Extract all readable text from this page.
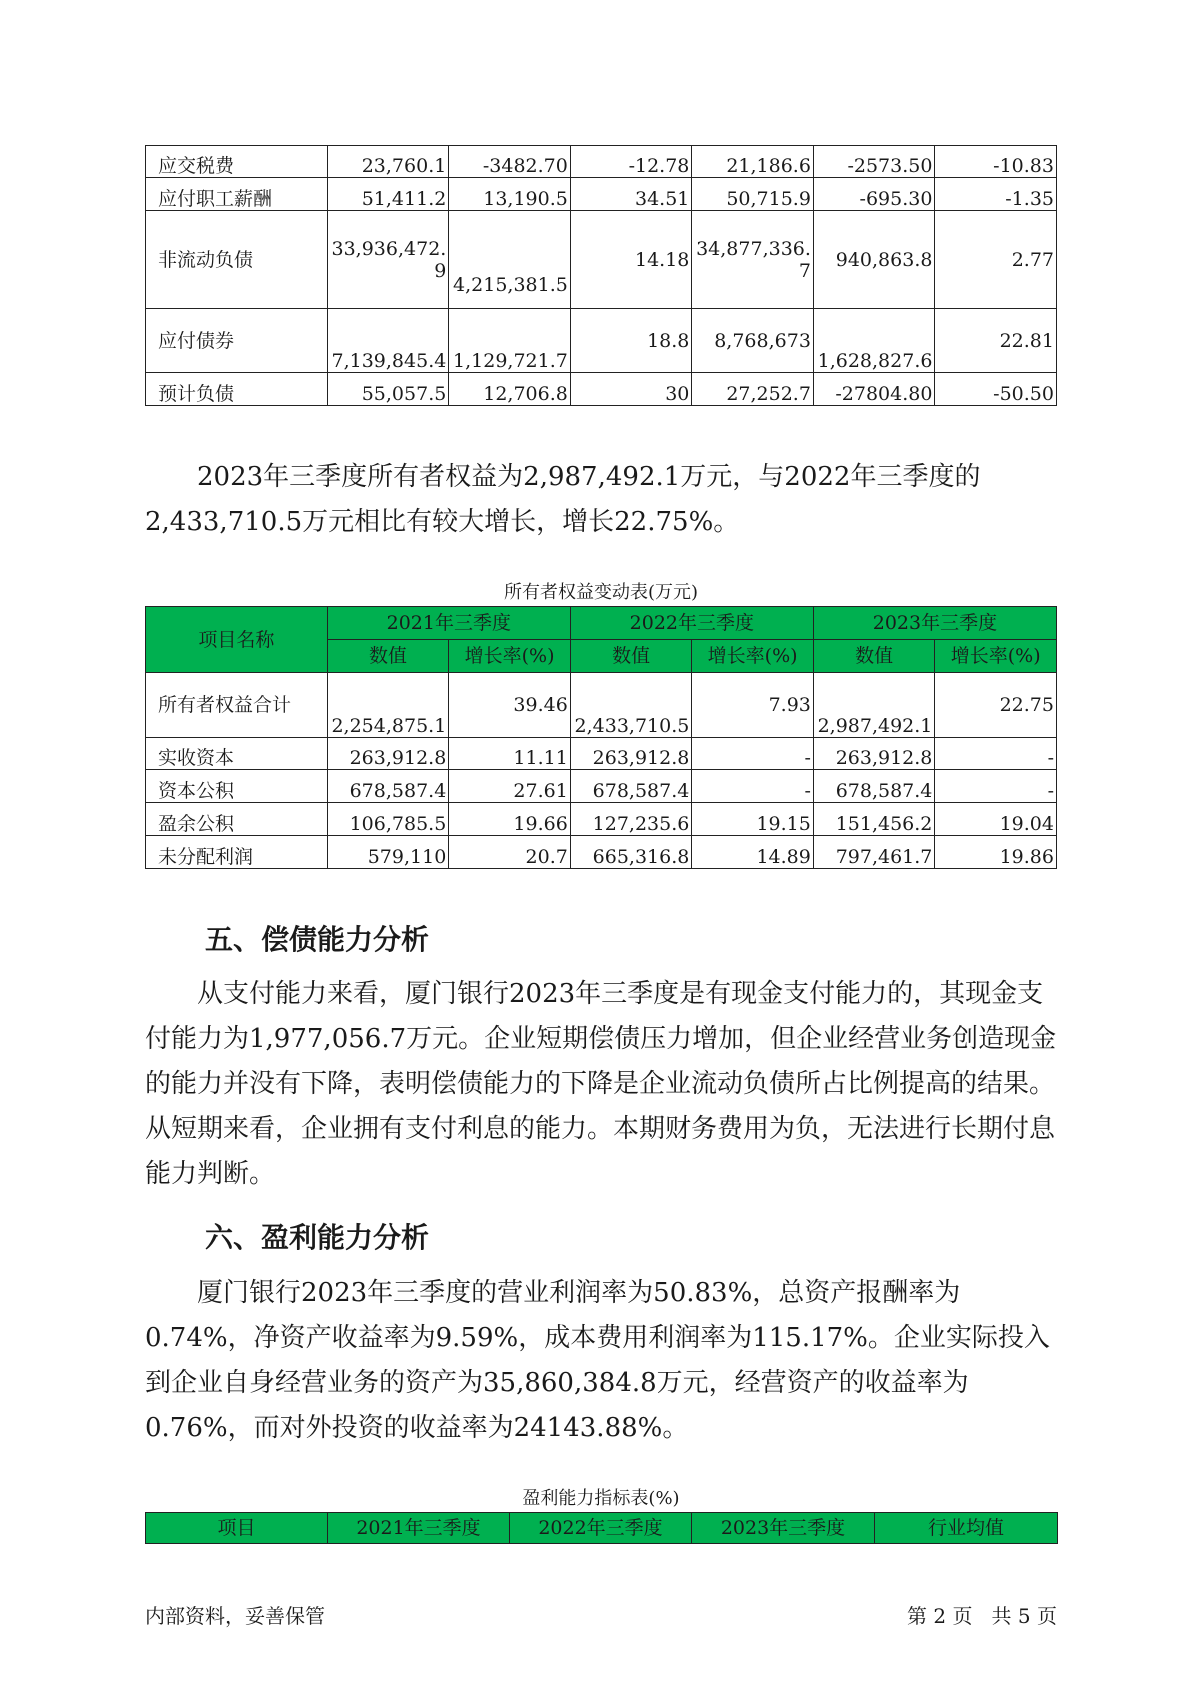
应交税费	23,760.1	-3482.70	-12.78	21,186.6	-2573.50	-10.83
应付职工薪酬	51,411.2	13,190.5	34.51	50,715.9	-695.30	-1.35
非流动负债	33,936,472.9	4,215,381.5	14.18	34,877,336.7	940,863.8	2.77
应付债券	7,139,845.4	1,129,721.7	18.8	8,768,673	1,628,827.6	22.81
预计负债	55,057.5	12,706.8	30	27,252.7	-27804.80	-50.50

2023年三季度所有者权益为2,987,492.1万元，与2022年三季度的2,433,710.5万元相比有较大增长，增长22.75%。

所有者权益变动表(万元)

项目名称	2021年三季度		2022年三季度		2023年三季度	
	数值	增长率(%)	数值	增长率(%)	数值	增长率(%)
所有者权益合计	2,254,875.1	39.46	2,433,710.5	7.93	2,987,492.1	22.75
实收资本	263,912.8	11.11	263,912.8	-	263,912.8	-
资本公积	678,587.4	27.61	678,587.4	-	678,587.4	-
盈余公积	106,785.5	19.66	127,235.6	19.15	151,456.2	19.04
未分配利润	579,110	20.7	665,316.8	14.89	797,461.7	19.86
五、偿债能力分析

从支付能力来看，厦门银行2023年三季度是有现金支付能力的，其现金支付能力为1,977,056.7万元。企业短期偿债压力增加，但企业经营业务创造现金的能力并没有下降，表明偿债能力的下降是企业流动负债所占比例提高的结果。从短期来看，企业拥有支付利息的能力。本期财务费用为负，无法进行长期付息能力判断。

六、盈利能力分析

厦门银行2023年三季度的营业利润率为50.83%，总资产报酬率为0.74%，净资产收益率为9.59%，成本费用利润率为115.17%。企业实际投入到企业自身经营业务的资产为35,860,384.8万元，经营资产的收益率为0.76%，而对外投资的收益率为24143.88%。

盈利能力指标表(%)

项目	2021年三季度	2022年三季度	2023年三季度	行业均值
内部资料，妥善保管	第 2 页   共 5 页
